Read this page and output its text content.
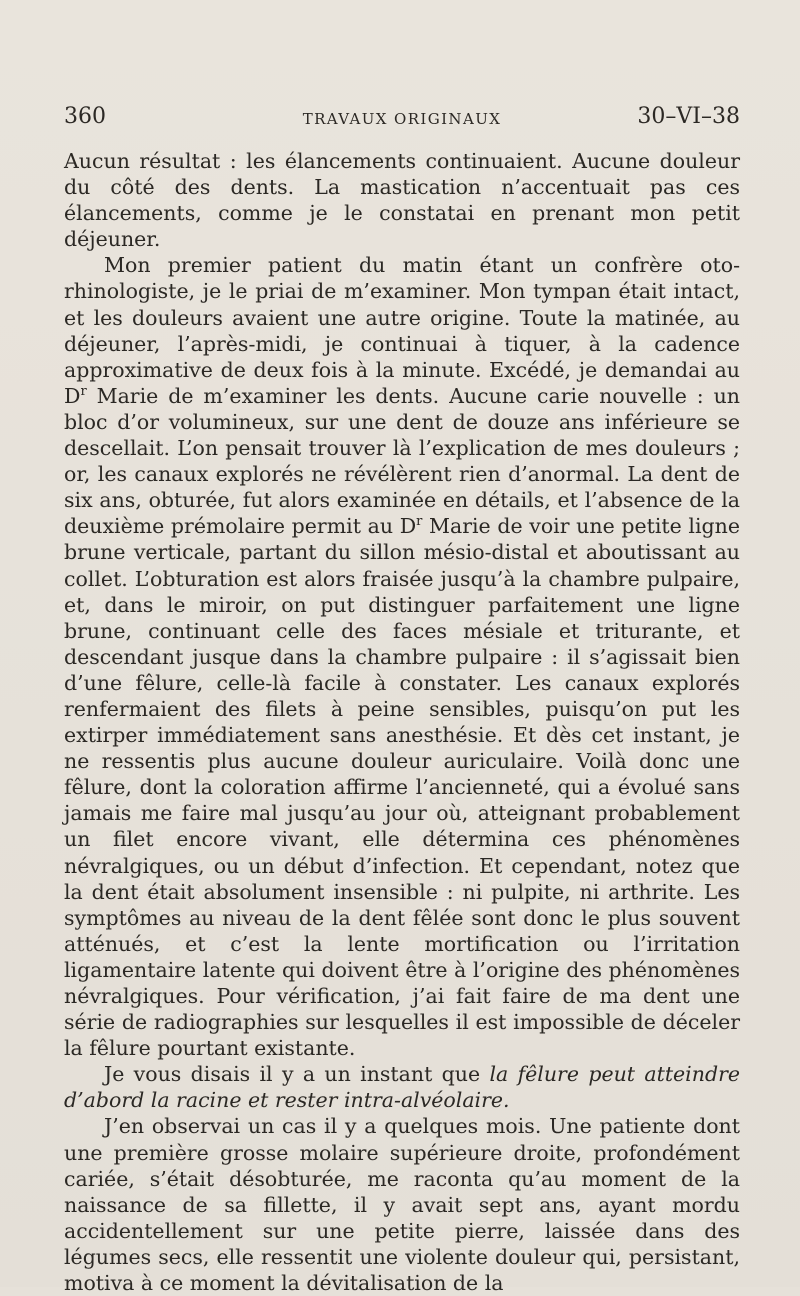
360	TRAVAUX ORIGINAUX	30–VI–38

Aucun résultat : les élancements continuaient. Aucune douleur du côté des dents. La mastication n’accentuait pas ces élancements, comme je le constatai en prenant mon petit déjeuner.

Mon premier patient du matin étant un confrère oto-rhinologiste, je le priai de m’examiner. Mon tympan était intact, et les douleurs avaient une autre origine. Toute la matinée, au déjeuner, l’après-midi, je continuai à tiquer, à la cadence approximative de deux fois à la minute. Excédé, je demandai au $D^r$ Marie de m’examiner les dents. Aucune carie nouvelle : un bloc d’or volumineux, sur une dent de douze ans inférieure se descellait. L’on pensait trouver là l’explication de mes douleurs ; or, les canaux explorés ne révélèrent rien d’anormal. La dent de six ans, obturée, fut alors examinée en détails, et l’absence de la deuxième prémolaire permit au $D^r$ Marie de voir une petite ligne brune verticale, partant du sillon mésio-distal et aboutissant au collet. L’obturation est alors fraisée jusqu’à la chambre pulpaire, et, dans le miroir, on put distinguer parfaitement une ligne brune, continuant celle des faces mésiale et triturante, et descendant jusque dans la chambre pulpaire : il s’agissait bien d’une fêlure, celle-là facile à constater. Les canaux explorés renfermaient des filets à peine sensibles, puisqu’on put les extirper immédiatement sans anesthésie. Et dès cet instant, je ne ressentis plus aucune douleur auriculaire. Voilà donc une fêlure, dont la coloration affirme l’ancienneté, qui a évolué sans jamais me faire mal jusqu’au jour où, atteignant probablement un filet encore vivant, elle détermina ces phénomènes névralgiques, ou un début d’infection. Et cependant, notez que la dent était absolument insensible : ni pulpite, ni arthrite. Les symptômes au niveau de la dent fêlée sont donc le plus souvent atténués, et c’est la lente mortification ou l’irritation ligamentaire latente qui doivent être à l’origine des phénomènes névralgiques. Pour vérification, j’ai fait faire de ma dent une série de radiographies sur lesquelles il est impossible de déceler la fêlure pourtant existante.

Je vous disais il y a un instant que la fêlure peut atteindre d’abord la racine et rester intra-alvéolaire.

J’en observai un cas il y a quelques mois. Une patiente dont une première grosse molaire supérieure droite, profondément cariée, s’était désobturée, me raconta qu’au moment de la naissance de sa fillette, il y avait sept ans, ayant mordu accidentellement sur une petite pierre, laissée dans des légumes secs, elle ressentit une violente douleur qui, persistant, motiva à ce moment la dévitalisation de la
